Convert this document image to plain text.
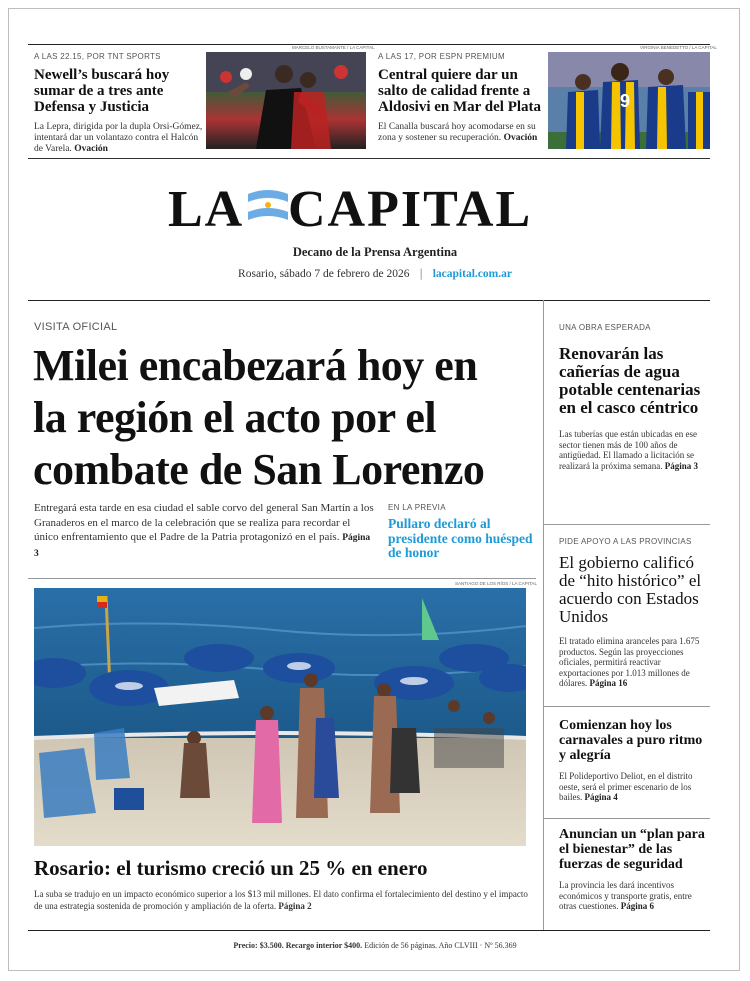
A LAS 22.15, POR TNT SPORTS
Newell’s buscará hoy sumar de a tres ante Defensa y Justicia
La Lepra, dirigida por la dupla Orsi-Gómez, intentará dar un volantazo contra el Halcón de Varela. Ovación
MARCELO BUSTAMANTE / LA CAPITAL
A LAS 17, POR ESPN PREMIUM
Central quiere dar un salto de calidad frente a Aldosivi en Mar del Plata
El Canalla buscará hoy acomodarse en su zona y sostener su recuperación. Ovación
VIRGINIA BENEDETTO / LA CAPITAL
9
LA CAPITAL
Decano de la Prensa Argentina
Rosario, sábado 7 de febrero de 2026 | lacapital.com.ar
VISITA OFICIAL
Milei encabezará hoy en
la región el acto por el
combate de San Lorenzo
Entregará esta tarde en esa ciudad el sable corvo del general San Martín a los Granaderos en el marco de la celebración que se realiza para recordar el único enfrentamiento que el Padre de la Patria protagonizó en el país. Página 3
EN LA PREVIA
Pullaro declaró al presidente como huésped de honor
SANTIAGO DE LOS RÍOS / LA CAPITAL
Rosario: el turismo creció un 25 % en enero
La suba se tradujo en un impacto económico superior a los $13 mil millones. El dato confirma el fortalecimiento del destino y el impacto de una estrategia sostenida de promoción y ampliación de la oferta. Página 2
UNA OBRA ESPERADA
Renovarán las cañerías de agua potable centenarias en el casco céntrico
Las tuberías que están ubicadas en ese sector tienen más de 100 años de antigüedad. El llamado a licitación se realizará la próxima semana. Página 3
PIDE APOYO A LAS PROVINCIAS
El gobierno calificó de “hito histórico” el acuerdo con Estados Unidos
El tratado elimina aranceles para 1.675 productos. Según las proyecciones oficiales, permitirá reactivar exportaciones por 1.013 millones de dólares. Página 16
Comienzan hoy los carnavales a puro ritmo y alegría
El Polideportivo Deliot, en el distrito oeste, será el primer escenario de los bailes. Página 4
Anuncian un “plan para el bienestar” de las fuerzas de seguridad
La provincia les dará incentivos económicos y transporte gratis, entre otras cuestiones. Página 6
Precio: $3.500. Recargo interior $400. Edición de 56 páginas. Año CLVIII · Nº 56.369
